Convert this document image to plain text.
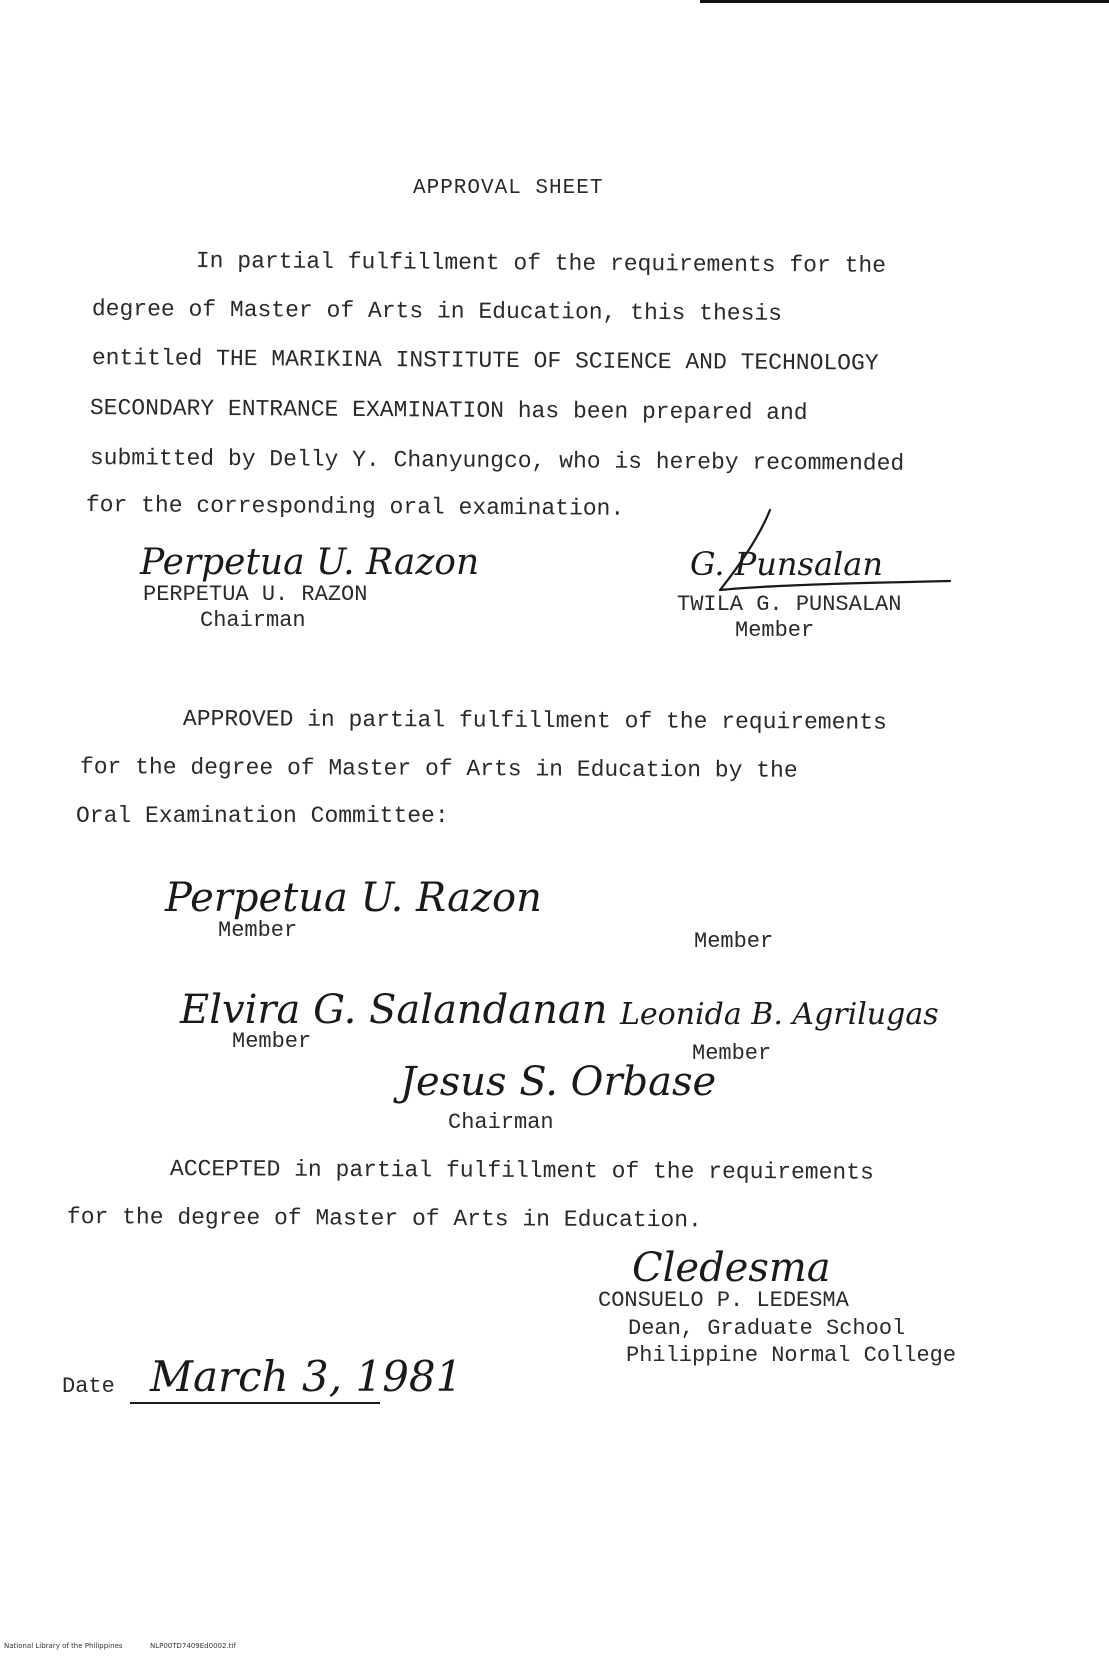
APPROVAL SHEET

In partial fulfillment of the requirements for the

degree of Master of Arts in Education, this thesis

entitled THE MARIKINA INSTITUTE OF SCIENCE AND TECHNOLOGY

SECONDARY ENTRANCE EXAMINATION has been prepared and

submitted by Delly Y. Chanyungco, who is hereby recommended

for the corresponding oral examination.

Perpetua U. Razon

PERPETUA U. RAZON

Chairman

G. Punsalan

TWILA G. PUNSALAN

Member

APPROVED in partial fulfillment of the requirements

for the degree of Master of Arts in Education by the

Oral Examination Committee:

Perpetua U. Razon

Member	Member

Elvira G. Salandanan

Member

Leonida B. Agrilugas

Member

Jesus S. Orbase

Chairman

ACCEPTED in partial fulfillment of the requirements

for the degree of Master of Arts in Education.

Cledesma

CONSUELO P. LEDESMA

Dean, Graduate School

Philippine Normal College

Date March 3, 1981
National Library of the Philippines	NLP00TD7409Ed0002.tif
